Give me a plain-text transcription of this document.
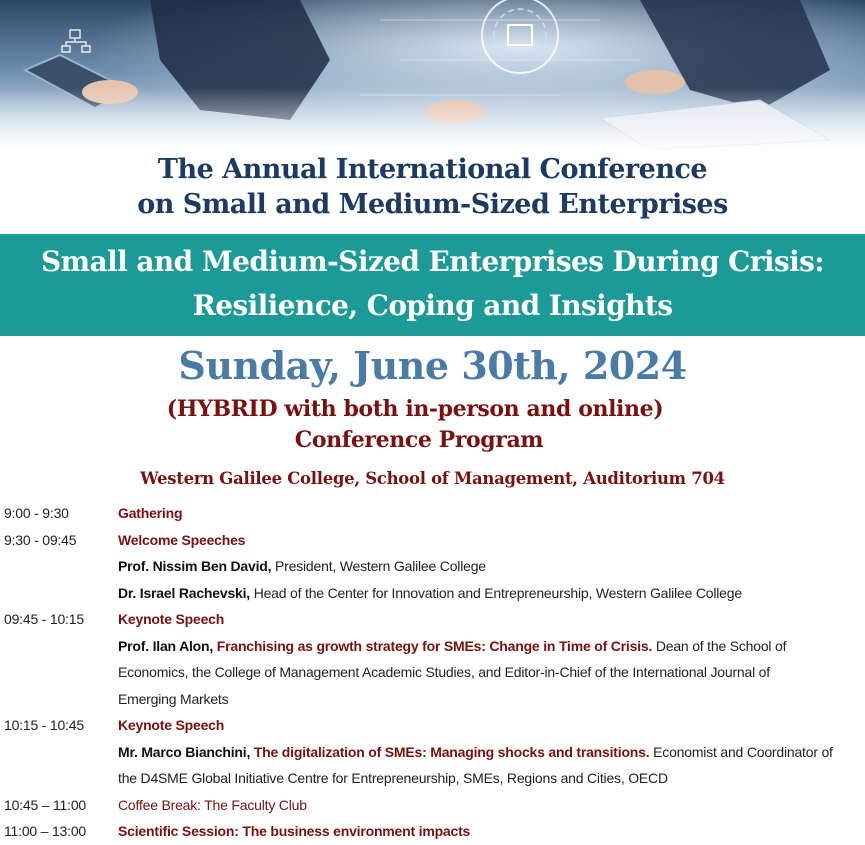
The Annual International Conference
on Small and Medium-Sized Enterprises
Small and Medium-Sized Enterprises During Crisis:
Resilience, Coping and Insights
Sunday, June 30th, 2024
(HYBRID with both in-person and online)
Conference Program
Western Galilee College, School of Management, Auditorium 704
9:00 - 9:30	Gathering
9:30 - 09:45	Welcome Speeches
Prof. Nissim Ben David, President, Western Galilee College
Dr. Israel Rachevski, Head of the Center for Innovation and Entrepreneurship, Western Galilee College
09:45 - 10:15	Keynote Speech
Prof. Ilan Alon, Franchising as growth strategy for SMEs: Change in Time of Crisis. Dean of the School of
Economics, the College of Management Academic Studies, and Editor-in-Chief of the International Journal of
Emerging Markets
10:15 - 10:45	Keynote Speech
Mr. Marco Bianchini, The digitalization of SMEs: Managing shocks and transitions. Economist and Coordinator of
the D4SME Global Initiative Centre for Entrepreneurship, SMEs, Regions and Cities, OECD
10:45 – 11:00	Coffee Break: The Faculty Club
11:00 – 13:00	Scientific Session: The business environment impacts
